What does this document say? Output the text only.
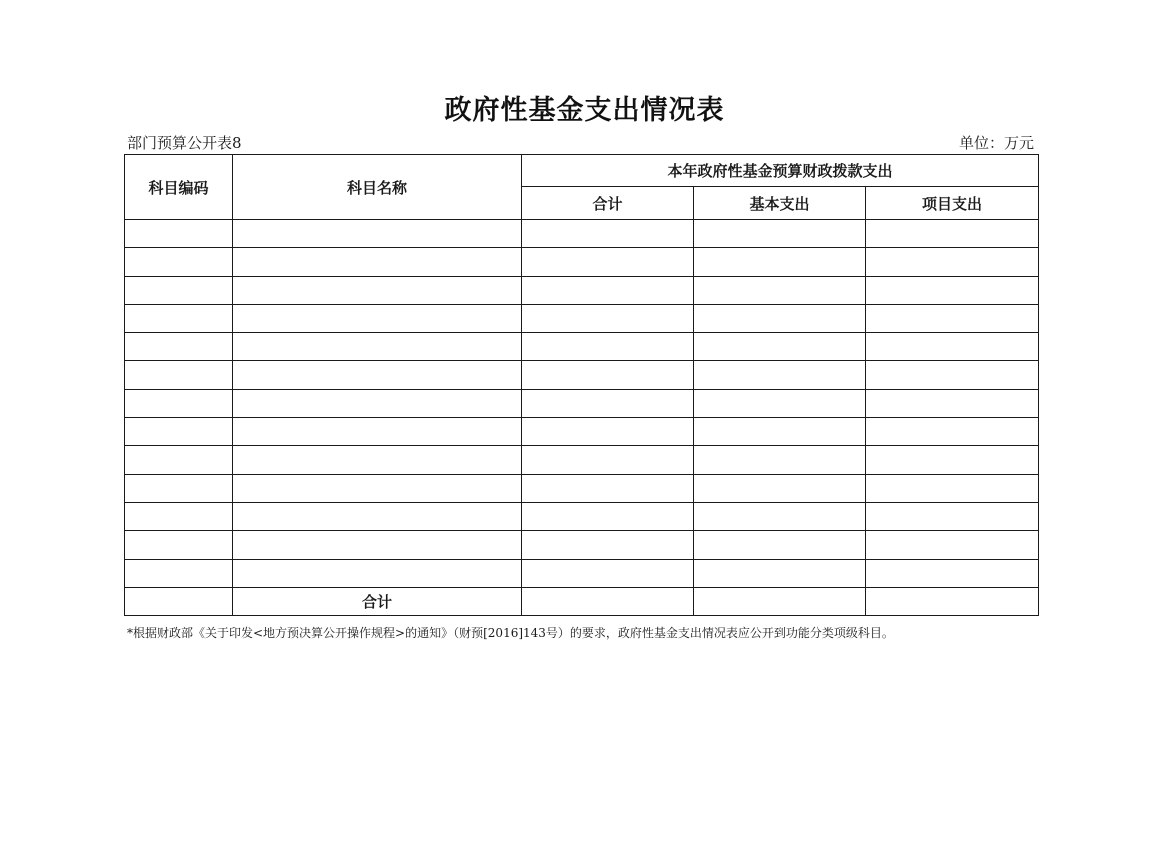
政府性基金支出情况表
部门预算公开表8	单位：万元
科目编码	科目名称	本年政府性基金预算财政拨款支出		
		合计	基本支出	项目支出

	合计			
*根据财政部《关于印发<地方预决算公开操作规程>的通知》（财预[2016]143号）的要求，政府性基金支出情况表应公开到功能分类项级科目。
